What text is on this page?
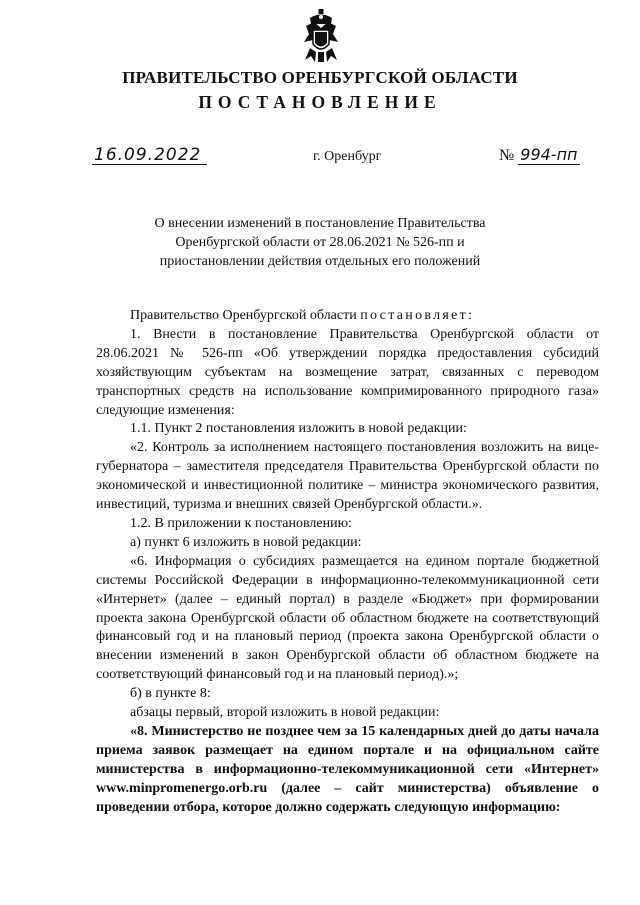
ПРАВИТЕЛЬСТВО ОРЕНБУРГСКОЙ ОБЛАСТИ
ПОСТАНОВЛЕНИЕ
16.09.2022	г. Оренбург	№ 994-пп
О внесении изменений в постановление Правительства
Оренбургской области от 28.06.2021 № 526-пп и
приостановлении действия отдельных его положений

Правительство Оренбургской области постановляет:

1. Внести в постановление Правительства Оренбургской области от 28.06.2021 № 526-пп «Об утверждении порядка предоставления субсидий хозяйствующим субъектам на возмещение затрат, связанных с переводом транспортных средств на использование компримированного природного газа» следующие изменения:

1.1. Пункт 2 постановления изложить в новой редакции:

«2. Контроль за исполнением настоящего постановления возложить на вице-губернатора – заместителя председателя Правительства Оренбургской области по экономической и инвестиционной политике – министра экономического развития, инвестиций, туризма и внешних связей Оренбургской области.».

1.2. В приложении к постановлению:

а) пункт 6 изложить в новой редакции:

«6. Информация о субсидиях размещается на едином портале бюджетной системы Российской Федерации в информационно-телекоммуникационной сети «Интернет» (далее – единый портал) в разделе «Бюджет» при формировании проекта закона Оренбургской области об областном бюджете на соответствующий финансовый год и на плановый период (проекта закона Оренбургской области о внесении изменений в закон Оренбургской области об областном бюджете на соответствующий финансовый год и на плановый период).»;

б) в пункте 8:

абзацы первый, второй изложить в новой редакции:

«8. Министерство не позднее чем за 15 календарных дней до даты начала приема заявок размещает на едином портале и на официальном сайте министерства в информационно-телекоммуникационной сети «Интернет» www.minpromenergo.orb.ru (далее – сайт министерства) объявление о проведении отбора, которое должно содержать следующую информацию:
